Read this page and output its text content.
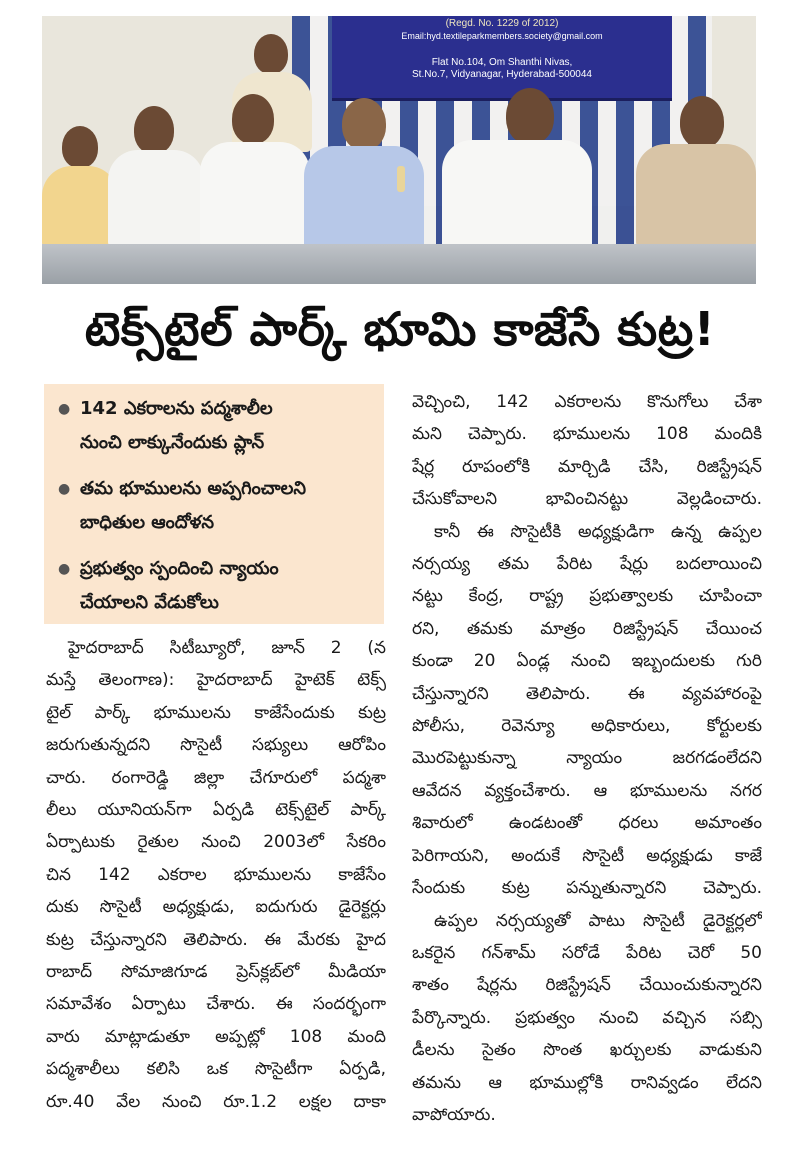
(Regd. No. 1229 of 2012)
Email:hyd.textileparkmembers.society@gmail.com
Flat No.104, Om Shanthi Nivas,
St.No.7, Vidyanagar, Hyderabad-500044
టెక్స్‌టైల్ పార్క్ భూమి కాజేసే కుట్ర!
● 142 ఎకరాలను పద్మశాలీల
నుంచి లాక్కునేందుకు ప్లాన్
● తమ భూములను అప్పగించాలని
బాధితుల ఆందోళన
● ప్రభుత్వం స్పందించి న్యాయం
చేయాలని వేడుకోలు

హైదరాబాద్ సిటీబ్యూరో, జూన్ 2 (న

మస్తే తెలంగాణ): హైదరాబాద్ హైటెక్ టెక్స్

టైల్ పార్క్ భూములను కాజేసేందుకు కుట్ర

జరుగుతున్నదని సొసైటీ సభ్యులు ఆరోపిం

చారు. రంగారెడ్డి జిల్లా చేగూరులో పద్మశా

లీలు యూనియన్‌గా ఏర్పడి టెక్స్‌టైల్ పార్క్

ఏర్పాటుకు రైతుల నుంచి 2003లో సేకరిం

చిన 142 ఎకరాల భూములను కాజేసేం

దుకు సొసైటీ అధ్యక్షుడు, ఐదుగురు డైరెక్టర్లు

కుట్ర చేస్తున్నారని తెలిపారు. ఈ మేరకు హైద

రాబాద్ సోమాజిగూడ ప్రెస్‌క్లబ్‌లో మీడియా

సమావేశం ఏర్పాటు చేశారు. ఈ సందర్భంగా

వారు మాట్లాడుతూ అప్పట్లో 108 మంది

పద్మశాలీలు కలిసి ఒక సొసైటీగా ఏర్పడి,

రూ.40 వేల నుంచి రూ.1.2 లక్షల దాకా

వెచ్చించి, 142 ఎకరాలను కొనుగోలు చేశా

మని చెప్పారు. భూములను 108 మందికి

షేర్ల రూపంలోకి మార్చిడి చేసి, రిజిస్ట్రేషన్

చేసుకోవాలని భావించినట్టు వెల్లడించారు.

కానీ ఈ సొసైటీకి అధ్యక్షుడిగా ఉన్న ఉప్పల

నర్సయ్య తమ పేరిట షేర్లు బదలాయించి

నట్టు కేంద్ర, రాష్ట్ర ప్రభుత్వాలకు చూపించా

రని, తమకు మాత్రం రిజిస్ట్రేషన్ చేయించ

కుండా 20 ఏండ్ల నుంచి ఇబ్బందులకు గురి

చేస్తున్నారని తెలిపారు. ఈ వ్యవహారంపై

పోలీసు, రెవెన్యూ అధికారులు, కోర్టులకు

మొరపెట్టుకున్నా న్యాయం జరగడంలేదని

ఆవేదన వ్యక్తంచేశారు. ఆ భూములను నగర

శివారులో ఉండటంతో ధరలు అమాంతం

పెరిగాయని, అందుకే సొసైటీ అధ్యక్షుడు కాజే

సేందుకు కుట్ర పన్నుతున్నారని చెప్పారు.

ఉప్పల నర్సయ్యతో పాటు సొసైటీ డైరెక్టర్లలో

ఒకరైన గన్‌శామ్ సరోడే పేరిట చెరో 50

శాతం షేర్లను రిజిస్ట్రేషన్ చేయించుకున్నారని

పేర్కొన్నారు. ప్రభుత్వం నుంచి వచ్చిన సబ్సి

డీలను సైతం సొంత ఖర్చులకు వాడుకుని

తమను ఆ భూముల్లోకి రానివ్వడం లేదని

వాపోయారు.
